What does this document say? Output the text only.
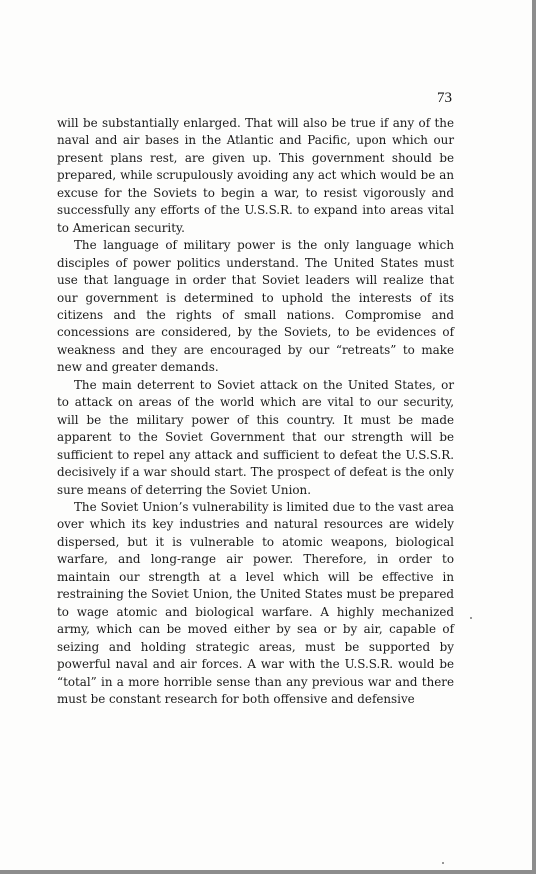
73

will be substantially enlarged. That will also be true if any of the naval and air bases in the Atlantic and Pacific, upon which our present plans rest, are given up. This government should be prepared, while scrupulously avoiding any act which would be an excuse for the Soviets to begin a war, to resist vigorously and successfully any efforts of the U.S.S.R. to expand into areas vital to American security.

The language of military power is the only language which disciples of power politics understand. The United States must use that language in order that Soviet leaders will realize that our government is determined to uphold the interests of its citizens and the rights of small nations. Compromise and concessions are considered, by the Soviets, to be evidences of weakness and they are encouraged by our “retreats” to make new and greater demands.

The main deterrent to Soviet attack on the United States, or to attack on areas of the world which are vital to our security, will be the military power of this country. It must be made apparent to the Soviet Government that our strength will be sufficient to repel any attack and sufficient to defeat the U.S.S.R. decisively if a war should start. The prospect of defeat is the only sure means of deterring the Soviet Union.

The Soviet Union’s vulnerability is limited due to the vast area over which its key industries and natural resources are widely dispersed, but it is vulnerable to atomic weapons, biological warfare, and long-range air power. Therefore, in order to maintain our strength at a level which will be effective in restraining the Soviet Union, the United States must be prepared to wage atomic and biological warfare. A highly mechanized army, which can be moved either by sea or by air, capable of seizing and holding strategic areas, must be supported by powerful naval and air forces. A war with the U.S.S.R. would be “total” in a more horrible sense than any previous war and there must be constant research for both offensive and defensive
